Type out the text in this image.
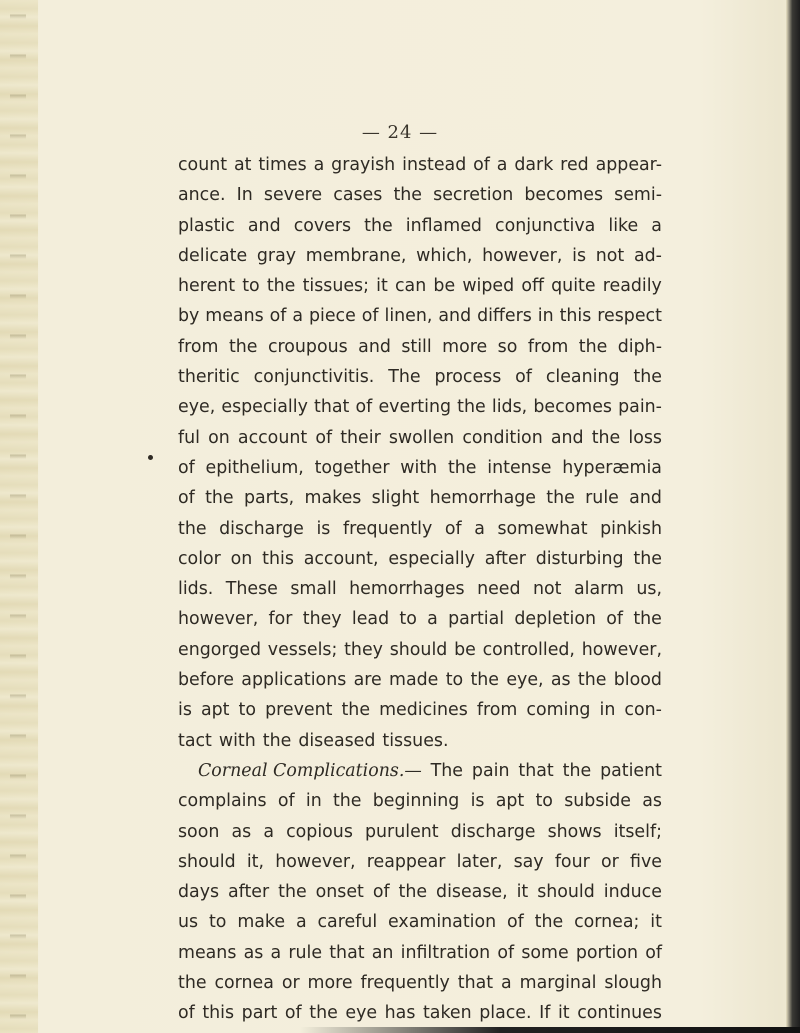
— 24 —
count at times a grayish instead of a dark red appear-
ance. In severe cases the secretion becomes semi-
plastic and covers the inflamed conjunctiva like a
delicate gray membrane, which, however, is not ad-
herent to the tissues; it can be wiped off quite readily
by means of a piece of linen, and differs in this respect
from the croupous and still more so from the diph-
theritic conjunctivitis. The process of cleaning the
eye, especially that of everting the lids, becomes pain-
ful on account of their swollen condition and the loss
of epithelium, together with the intense hyperæmia
of the parts, makes slight hemorrhage the rule and
the discharge is frequently of a somewhat pinkish
color on this account, especially after disturbing the
lids. These small hemorrhages need not alarm us,
however, for they lead to a partial depletion of the
engorged vessels; they should be controlled, however,
before applications are made to the eye, as the blood
is apt to prevent the medicines from coming in con-
tact with the diseased tissues.
Corneal Complications.— The pain that the patient
complains of in the beginning is apt to subside as
soon as a copious purulent discharge shows itself;
should it, however, reappear later, say four or five
days after the onset of the disease, it should induce
us to make a careful examination of the cornea; it
means as a rule that an infiltration of some portion of
the cornea or more frequently that a marginal slough
of this part of the eye has taken place. If it continues
